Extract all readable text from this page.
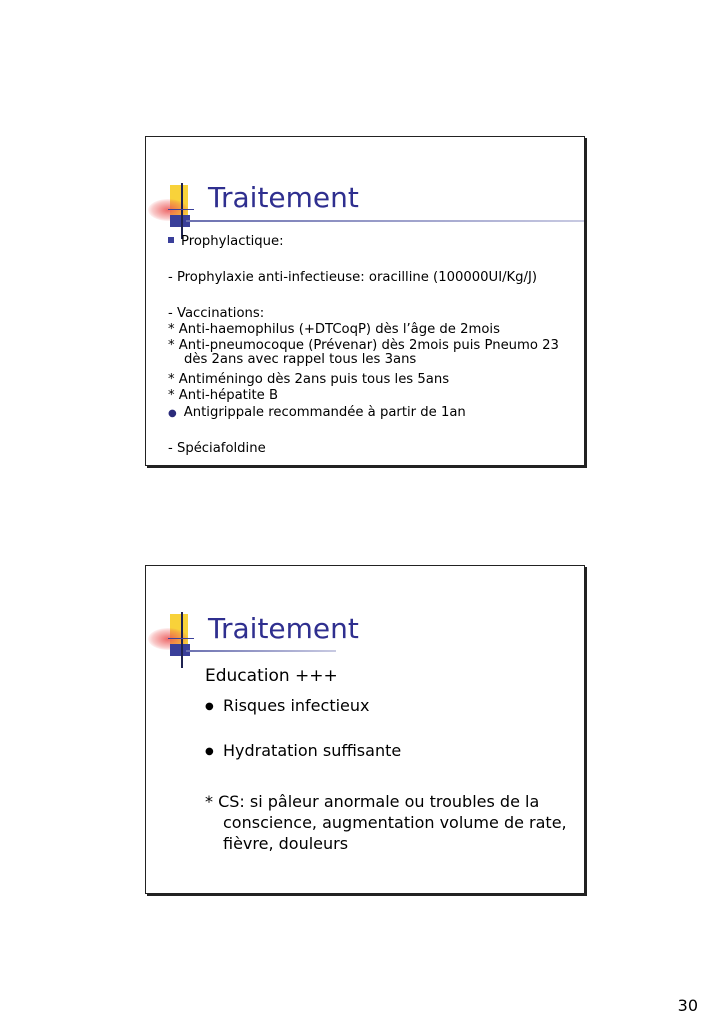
Traitement
Prophylactique:
- Prophylaxie anti-infectieuse: oracilline (100000UI/Kg/J)
- Vaccinations:
* Anti-haemophilus (+DTCoqP) dès l’âge de 2mois
* Anti-pneumocoque (Prévenar) dès 2mois puis Pneumo 23
dès 2ans avec rappel tous les 3ans
* Antiméningo dès 2ans puis tous les 5ans
* Anti-hépatite B
● Antigrippale recommandée à partir de 1an
- Spéciafoldine
Traitement
Education +++
● Risques infectieux
● Hydratation suffisante
* CS: si pâleur anormale ou troubles de la
conscience, augmentation volume de rate,
fièvre, douleurs
30
